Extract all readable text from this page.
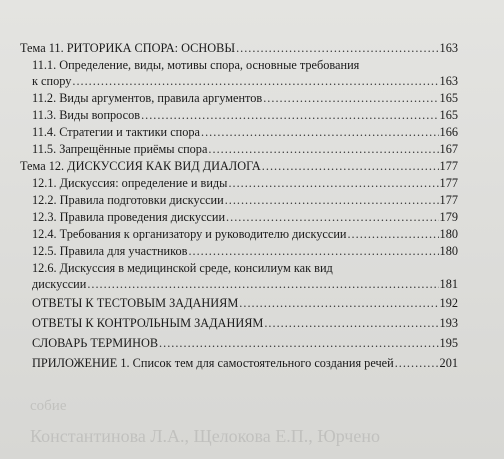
собие
Константинова Л.А., Щелокова Е.П., Юрчено
Тема 11. РИТОРИКА СПОРА: ОСНОВЫ .....	163
11.1. Определение, виды, мотивы спора, основные требования
к спору .....	163
11.2. Виды аргументов, правила аргументов .....	165
11.3. Виды вопросов .....	165
11.4. Стратегии и тактики спора .....	166
11.5. Запрещённые приёмы спора .....	167
Тема 12. ДИСКУССИЯ КАК ВИД ДИАЛОГА .....	177
12.1. Дискуссия: определение и виды .....	177
12.2. Правила подготовки дискуссии .....	177
12.3. Правила проведения дискуссии .....	179
12.4. Требования к организатору и руководителю дискуссии .....	180
12.5. Правила для участников .....	180
12.6. Дискуссия в медицинской среде, консилиум как вид
дискуссии .....	181
ОТВЕТЫ К ТЕСТОВЫМ ЗАДАНИЯМ .....	192
ОТВЕТЫ К КОНТРОЛЬНЫМ ЗАДАНИЯМ .....	193
СЛОВАРЬ ТЕРМИНОВ .....	195
ПРИЛОЖЕНИЕ 1. Список тем для самостоятельного создания речей .....	201
